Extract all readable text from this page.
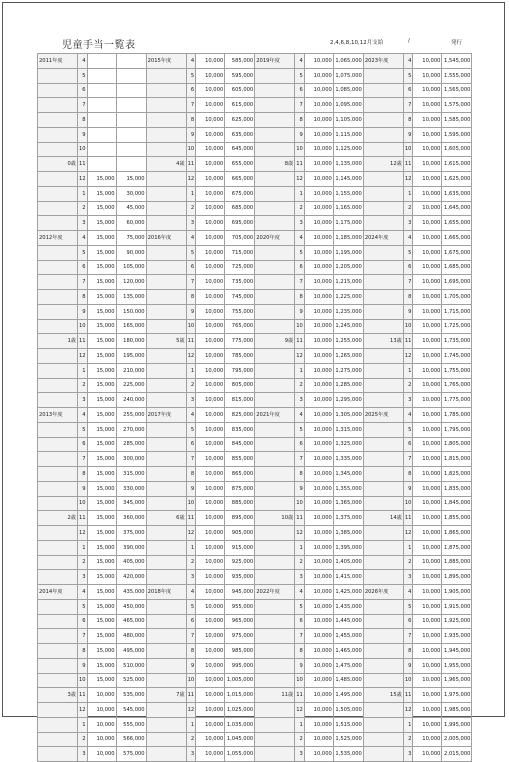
児童手当一覧表	2,4,6,8,10,12月支給	/	発行
2011年度	4			2015年度	4	10,000	585,000	2019年度	4	10,000	1,065,000	2023年度	4	10,000	1,545,000
	5				5	10,000	595,000		5	10,000	1,075,000		5	10,000	1,555,000
	6				6	10,000	605,000		6	10,000	1,085,000		6	10,000	1,565,000
	7				7	10,000	615,000		7	10,000	1,095,000		7	10,000	1,575,000
	8				8	10,000	625,000		8	10,000	1,105,000		8	10,000	1,585,000
	9				9	10,000	635,000		9	10,000	1,115,000		9	10,000	1,595,000
	10				10	10,000	645,000		10	10,000	1,125,000		10	10,000	1,605,000
0歳	11			4歳	11	10,000	655,000	8歳	11	10,000	1,135,000	12歳	11	10,000	1,615,000
	12	15,000	15,000		12	10,000	665,000		12	10,000	1,145,000		12	10,000	1,625,000
	1	15,000	30,000		1	10,000	675,000		1	10,000	1,155,000		1	10,000	1,635,000
	2	15,000	45,000		2	10,000	685,000		2	10,000	1,165,000		2	10,000	1,645,000
	3	15,000	60,000		3	10,000	695,000		3	10,000	1,175,000		3	10,000	1,655,000
2012年度	4	15,000	75,000	2016年度	4	10,000	705,000	2020年度	4	10,000	1,185,000	2024年度	4	10,000	1,665,000
	5	15,000	90,000		5	10,000	715,000		5	10,000	1,195,000		5	10,000	1,675,000
	6	15,000	105,000		6	10,000	725,000		6	10,000	1,205,000		6	10,000	1,685,000
	7	15,000	120,000		7	10,000	735,000		7	10,000	1,215,000		7	10,000	1,695,000
	8	15,000	135,000		8	10,000	745,000		8	10,000	1,225,000		8	10,000	1,705,000
	9	15,000	150,000		9	10,000	755,000		9	10,000	1,235,000		9	10,000	1,715,000
	10	15,000	165,000		10	10,000	765,000		10	10,000	1,245,000		10	10,000	1,725,000
1歳	11	15,000	180,000	5歳	11	10,000	775,000	9歳	11	10,000	1,255,000	13歳	11	10,000	1,735,000
	12	15,000	195,000		12	10,000	785,000		12	10,000	1,265,000		12	10,000	1,745,000
	1	15,000	210,000		1	10,000	795,000		1	10,000	1,275,000		1	10,000	1,755,000
	2	15,000	225,000		2	10,000	805,000		2	10,000	1,285,000		2	10,000	1,765,000
	3	15,000	240,000		3	10,000	815,000		3	10,000	1,295,000		3	10,000	1,775,000
2013年度	4	15,000	255,000	2017年度	4	10,000	825,000	2021年度	4	10,000	1,305,000	2025年度	4	10,000	1,785,000
	5	15,000	270,000		5	10,000	835,000		5	10,000	1,315,000		5	10,000	1,795,000
	6	15,000	285,000		6	10,000	845,000		6	10,000	1,325,000		6	10,000	1,805,000
	7	15,000	300,000		7	10,000	855,000		7	10,000	1,335,000		7	10,000	1,815,000
	8	15,000	315,000		8	10,000	865,000		8	10,000	1,345,000		8	10,000	1,825,000
	9	15,000	330,000		9	10,000	875,000		9	10,000	1,355,000		9	10,000	1,835,000
	10	15,000	345,000		10	10,000	885,000		10	10,000	1,365,000		10	10,000	1,845,000
2歳	11	15,000	360,000	6歳	11	10,000	895,000	10歳	11	10,000	1,375,000	14歳	11	10,000	1,855,000
	12	15,000	375,000		12	10,000	905,000		12	10,000	1,385,000		12	10,000	1,865,000
	1	15,000	390,000		1	10,000	915,000		1	10,000	1,395,000		1	10,000	1,875,000
	2	15,000	405,000		2	10,000	925,000		2	10,000	1,405,000		2	10,000	1,885,000
	3	15,000	420,000		3	10,000	935,000		3	10,000	1,415,000		3	10,000	1,895,000
2014年度	4	15,000	435,000	2018年度	4	10,000	945,000	2022年度	4	10,000	1,425,000	2026年度	4	10,000	1,905,000
	5	15,000	450,000		5	10,000	955,000		5	10,000	1,435,000		5	10,000	1,915,000
	6	15,000	465,000		6	10,000	965,000		6	10,000	1,445,000		6	10,000	1,925,000
	7	15,000	480,000		7	10,000	975,000		7	10,000	1,455,000		7	10,000	1,935,000
	8	15,000	495,000		8	10,000	985,000		8	10,000	1,465,000		8	10,000	1,945,000
	9	15,000	510,000		9	10,000	995,000		9	10,000	1,475,000		9	10,000	1,955,000
	10	15,000	525,000		10	10,000	1,005,000		10	10,000	1,485,000		10	10,000	1,965,000
3歳	11	10,000	535,000	7歳	11	10,000	1,015,000	11歳	11	10,000	1,495,000	15歳	11	10,000	1,975,000
	12	10,000	545,000		12	10,000	1,025,000		12	10,000	1,505,000		12	10,000	1,985,000
	1	10,000	555,000		1	10,000	1,035,000		1	10,000	1,515,000		1	10,000	1,995,000
	2	10,000	566,000		2	10,000	1,045,000		2	10,000	1,525,000		2	10,000	2,005,000
	3	10,000	575,000		3	10,000	1,055,000		3	10,000	1,535,000		3	10,000	2,015,000
